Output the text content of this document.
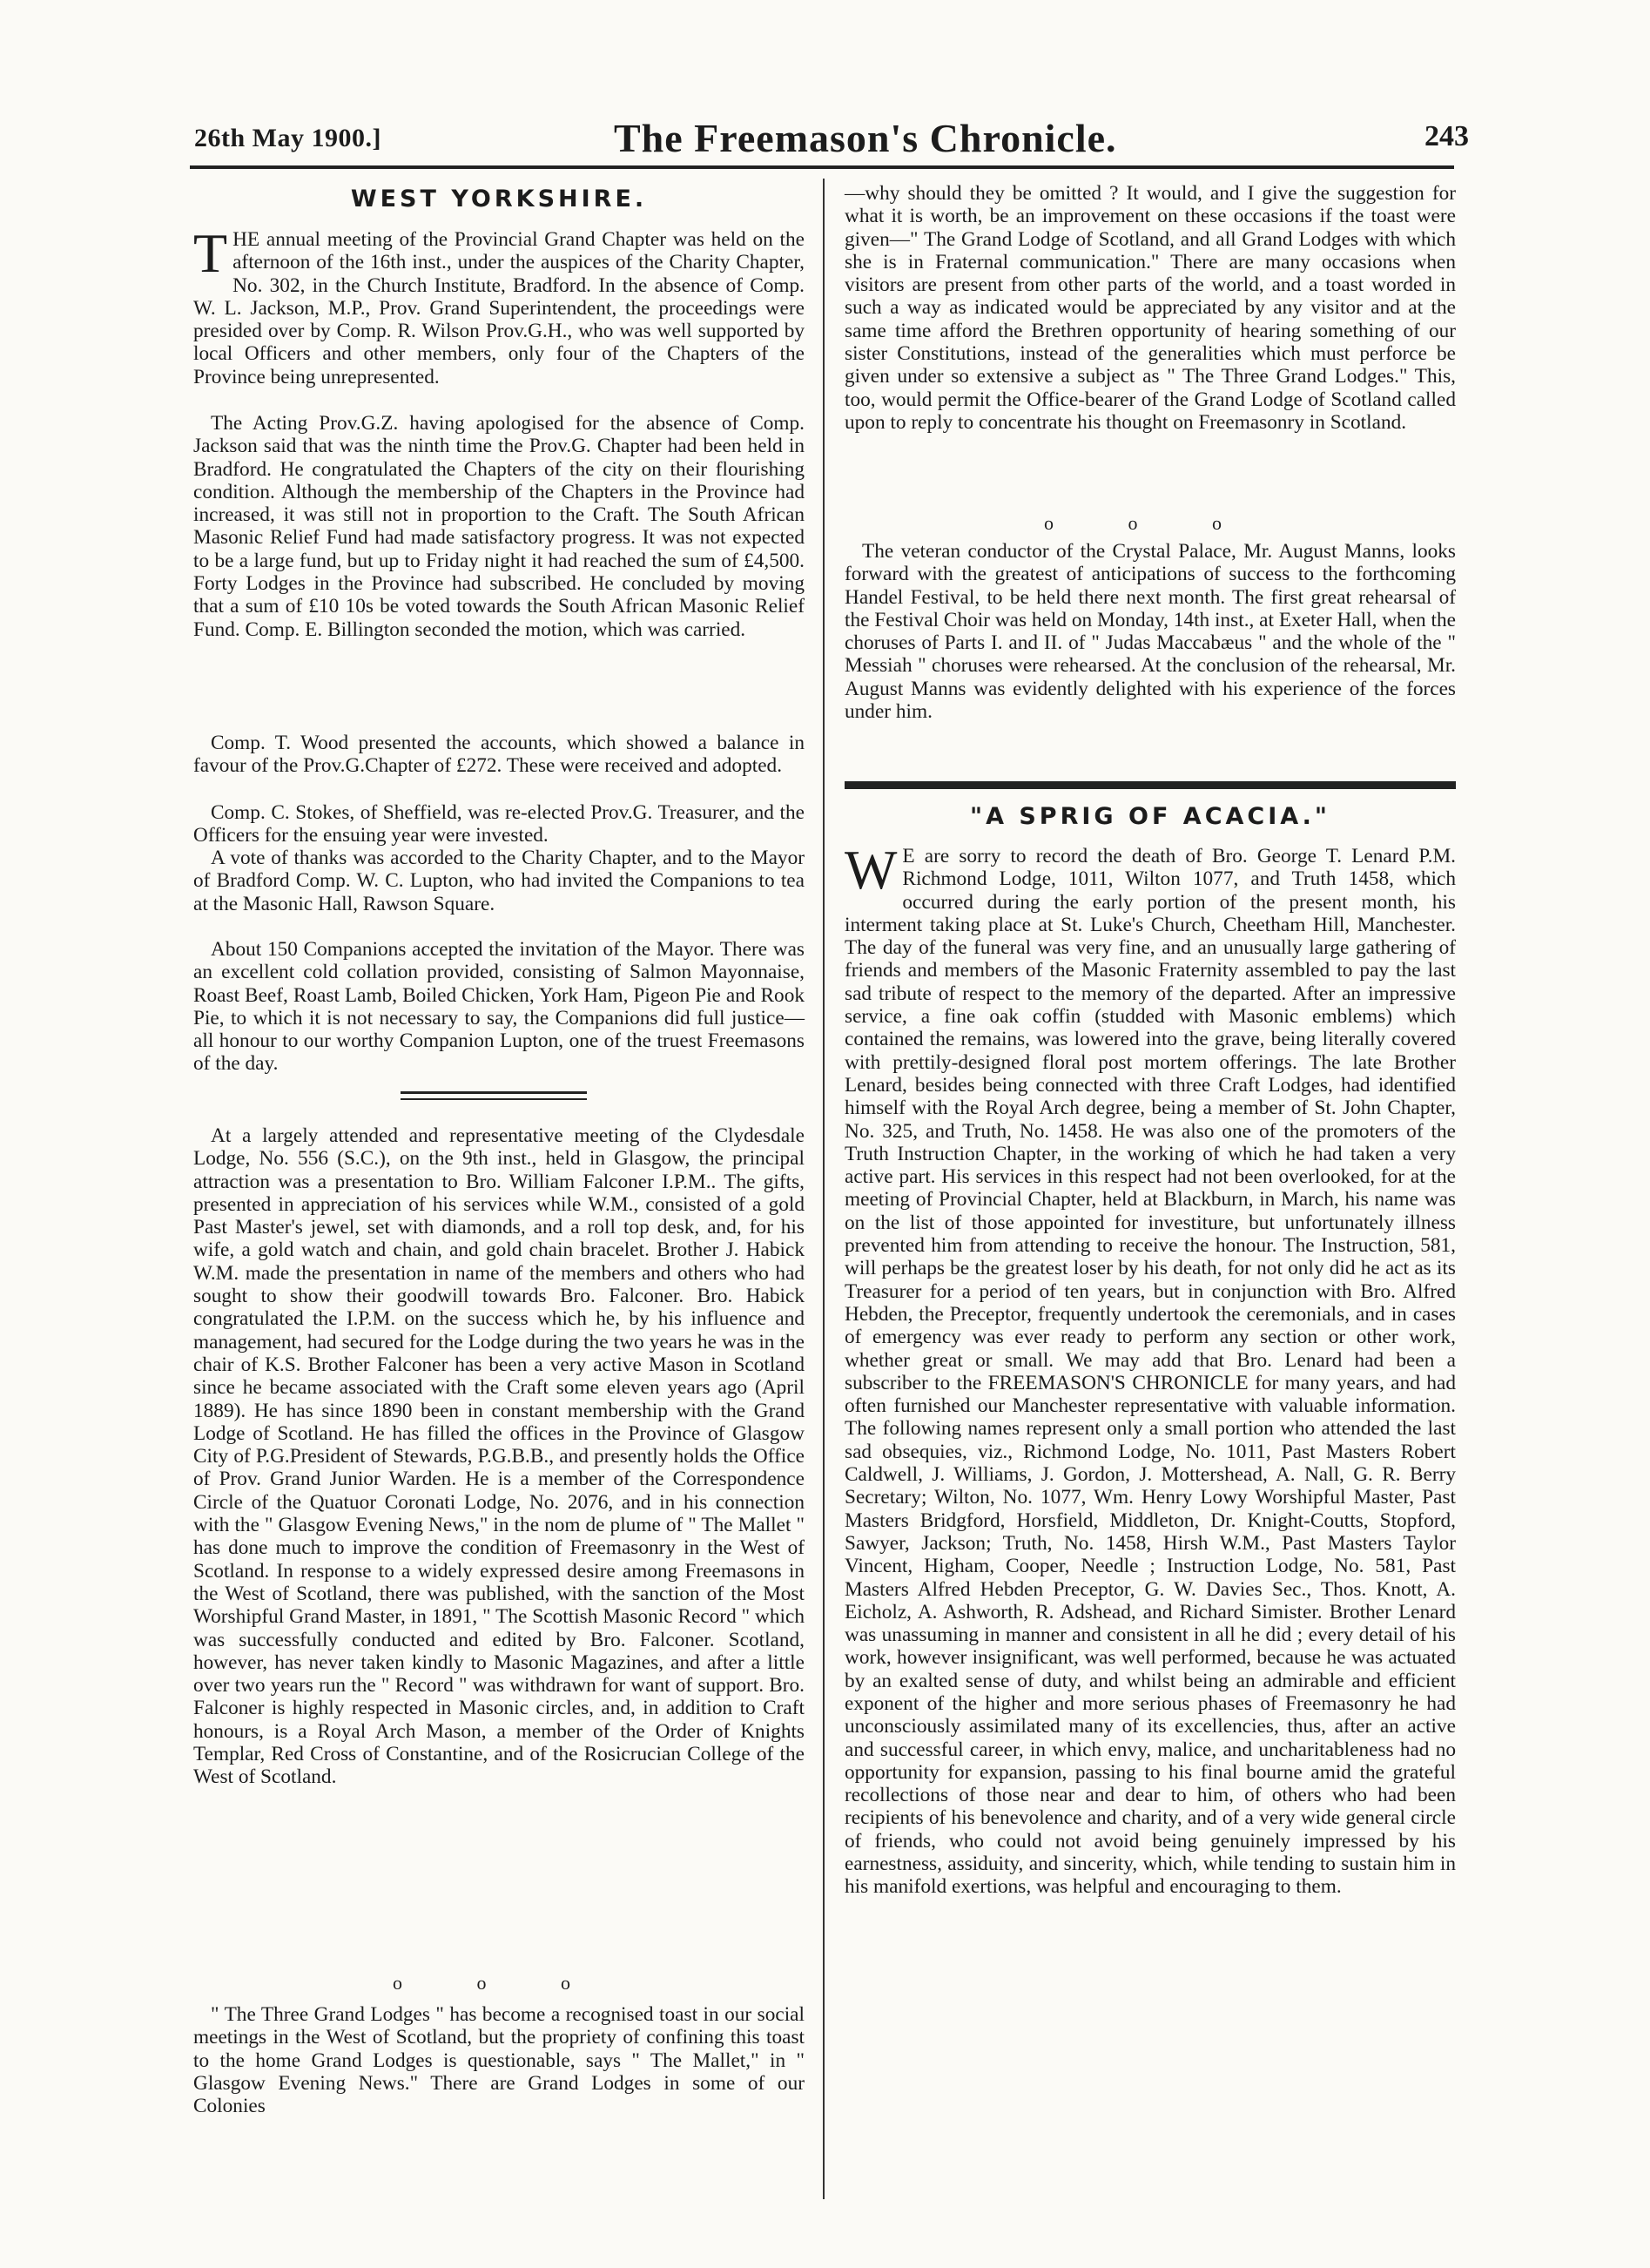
26th May 1900.]	The Freemason's Chronicle.	243
WEST YORKSHIRE.

THE annual meeting of the Provincial Grand Chapter was held on the afternoon of the 16th inst., under the auspices of the Charity Chapter, No. 302, in the Church Institute, Bradford. In the absence of Comp. W. L. Jackson, M.P., Prov. Grand Superintendent, the proceedings were presided over by Comp. R. Wilson Prov.G.H., who was well supported by local Officers and other members, only four of the Chapters of the Province being unrepresented.

The Acting Prov.G.Z. having apologised for the absence of Comp. Jackson said that was the ninth time the Prov.G. Chapter had been held in Bradford. He congratulated the Chapters of the city on their flourishing condition. Although the membership of the Chapters in the Province had increased, it was still not in proportion to the Craft. The South African Masonic Relief Fund had made satisfactory progress. It was not expected to be a large fund, but up to Friday night it had reached the sum of £4,500. Forty Lodges in the Province had subscribed. He concluded by moving that a sum of £10 10s be voted towards the South African Masonic Relief Fund. Comp. E. Billington seconded the motion, which was carried.

Comp. T. Wood presented the accounts, which showed a balance in favour of the Prov.G.Chapter of £272. These were received and adopted.

Comp. C. Stokes, of Sheffield, was re-elected Prov.G. Treasurer, and the Officers for the ensuing year were invested.

A vote of thanks was accorded to the Charity Chapter, and to the Mayor of Bradford Comp. W. C. Lupton, who had invited the Companions to tea at the Masonic Hall, Rawson Square.

About 150 Companions accepted the invitation of the Mayor. There was an excellent cold collation provided, consisting of Salmon Mayonnaise, Roast Beef, Roast Lamb, Boiled Chicken, York Ham, Pigeon Pie and Rook Pie, to which it is not necessary to say, the Companions did full justice—all honour to our worthy Companion Lupton, one of the truest Freemasons of the day.

At a largely attended and representative meeting of the Clydesdale Lodge, No. 556 (S.C.), on the 9th inst., held in Glasgow, the principal attraction was a presentation to Bro. William Falconer I.P.M.. The gifts, presented in appreciation of his services while W.M., consisted of a gold Past Master's jewel, set with diamonds, and a roll top desk, and, for his wife, a gold watch and chain, and gold chain bracelet. Brother J. Habick W.M. made the presentation in name of the members and others who had sought to show their goodwill towards Bro. Falconer. Bro. Habick congratulated the I.P.M. on the success which he, by his influence and management, had secured for the Lodge during the two years he was in the chair of K.S. Brother Falconer has been a very active Mason in Scotland since he became associated with the Craft some eleven years ago (April 1889). He has since 1890 been in constant membership with the Grand Lodge of Scotland. He has filled the offices in the Province of Glasgow City of P.G.President of Stewards, P.G.B.B., and presently holds the Office of Prov. Grand Junior Warden. He is a member of the Correspondence Circle of the Quatuor Coronati Lodge, No. 2076, and in his connection with the " Glasgow Evening News," in the nom de plume of " The Mallet " has done much to improve the condition of Freemasonry in the West of Scotland. In response to a widely expressed desire among Freemasons in the West of Scotland, there was published, with the sanction of the Most Worshipful Grand Master, in 1891, " The Scottish Masonic Record " which was successfully conducted and edited by Bro. Falconer. Scotland, however, has never taken kindly to Masonic Magazines, and after a little over two years run the " Record " was withdrawn for want of support. Bro. Falconer is highly respected in Masonic circles, and, in addition to Craft honours, is a Royal Arch Mason, a member of the Order of Knights Templar, Red Cross of Constantine, and of the Rosicrucian College of the West of Scotland.

o o o

" The Three Grand Lodges " has become a recognised toast in our social meetings in the West of Scotland, but the propriety of confining this toast to the home Grand Lodges is questionable, says " The Mallet," in " Glasgow Evening News." There are Grand Lodges in some of our Colonies

—why should they be omitted ? It would, and I give the suggestion for what it is worth, be an improvement on these occasions if the toast were given—" The Grand Lodge of Scotland, and all Grand Lodges with which she is in Fraternal communication." There are many occasions when visitors are present from other parts of the world, and a toast worded in such a way as indicated would be appreciated by any visitor and at the same time afford the Brethren opportunity of hearing something of our sister Constitutions, instead of the generalities which must perforce be given under so extensive a subject as " The Three Grand Lodges." This, too, would permit the Office-bearer of the Grand Lodge of Scotland called upon to reply to concentrate his thought on Freemasonry in Scotland.

o o o

The veteran conductor of the Crystal Palace, Mr. August Manns, looks forward with the greatest of anticipations of success to the forthcoming Handel Festival, to be held there next month. The first great rehearsal of the Festival Choir was held on Monday, 14th inst., at Exeter Hall, when the choruses of Parts I. and II. of " Judas Maccabæus " and the whole of the " Messiah " choruses were rehearsed. At the conclusion of the rehearsal, Mr. August Manns was evidently delighted with his experience of the forces under him.

"A SPRIG OF ACACIA."

W E are sorry to record the death of Bro. George T. Lenard P.M. Richmond Lodge, 1011, Wilton 1077, and Truth 1458, which occurred during the early portion of the present month, his interment taking place at St. Luke's Church, Cheetham Hill, Manchester. The day of the funeral was very fine, and an unusually large gathering of friends and members of the Masonic Fraternity assembled to pay the last sad tribute of respect to the memory of the departed. After an impressive service, a fine oak coffin (studded with Masonic emblems) which contained the remains, was lowered into the grave, being literally covered with prettily-designed floral post mortem offerings. The late Brother Lenard, besides being connected with three Craft Lodges, had identified himself with the Royal Arch degree, being a member of St. John Chapter, No. 325, and Truth, No. 1458. He was also one of the promoters of the Truth Instruction Chapter, in the working of which he had taken a very active part. His services in this respect had not been overlooked, for at the meeting of Provincial Chapter, held at Blackburn, in March, his name was on the list of those appointed for investiture, but unfortunately illness prevented him from attending to receive the honour. The Instruction, 581, will perhaps be the greatest loser by his death, for not only did he act as its Treasurer for a period of ten years, but in conjunction with Bro. Alfred Hebden, the Preceptor, frequently undertook the ceremonials, and in cases of emergency was ever ready to perform any section or other work, whether great or small. We may add that Bro. Lenard had been a subscriber to the FREEMASON'S CHRONICLE for many years, and had often furnished our Manchester representative with valuable information. The following names represent only a small portion who attended the last sad obsequies, viz., Richmond Lodge, No. 1011, Past Masters Robert Caldwell, J. Williams, J. Gordon, J. Mottershead, A. Nall, G. R. Berry Secretary; Wilton, No. 1077, Wm. Henry Lowy Worshipful Master, Past Masters Bridgford, Horsfield, Middleton, Dr. Knight-Coutts, Stopford, Sawyer, Jackson; Truth, No. 1458, Hirsh W.M., Past Masters Taylor Vincent, Higham, Cooper, Needle ; Instruction Lodge, No. 581, Past Masters Alfred Hebden Preceptor, G. W. Davies Sec., Thos. Knott, A. Eicholz, A. Ashworth, R. Adshead, and Richard Simister. Brother Lenard was unassuming in manner and consistent in all he did ; every detail of his work, however insignificant, was well performed, because he was actuated by an exalted sense of duty, and whilst being an admirable and efficient exponent of the higher and more serious phases of Freemasonry he had unconsciously assimilated many of its excellencies, thus, after an active and successful career, in which envy, malice, and uncharitableness had no opportunity for expansion, passing to his final bourne amid the grateful recollections of those near and dear to him, of others who had been recipients of his benevolence and charity, and of a very wide general circle of friends, who could not avoid being genuinely impressed by his earnestness, assiduity, and sincerity, which, while tending to sustain him in his manifold exertions, was helpful and encouraging to them.
